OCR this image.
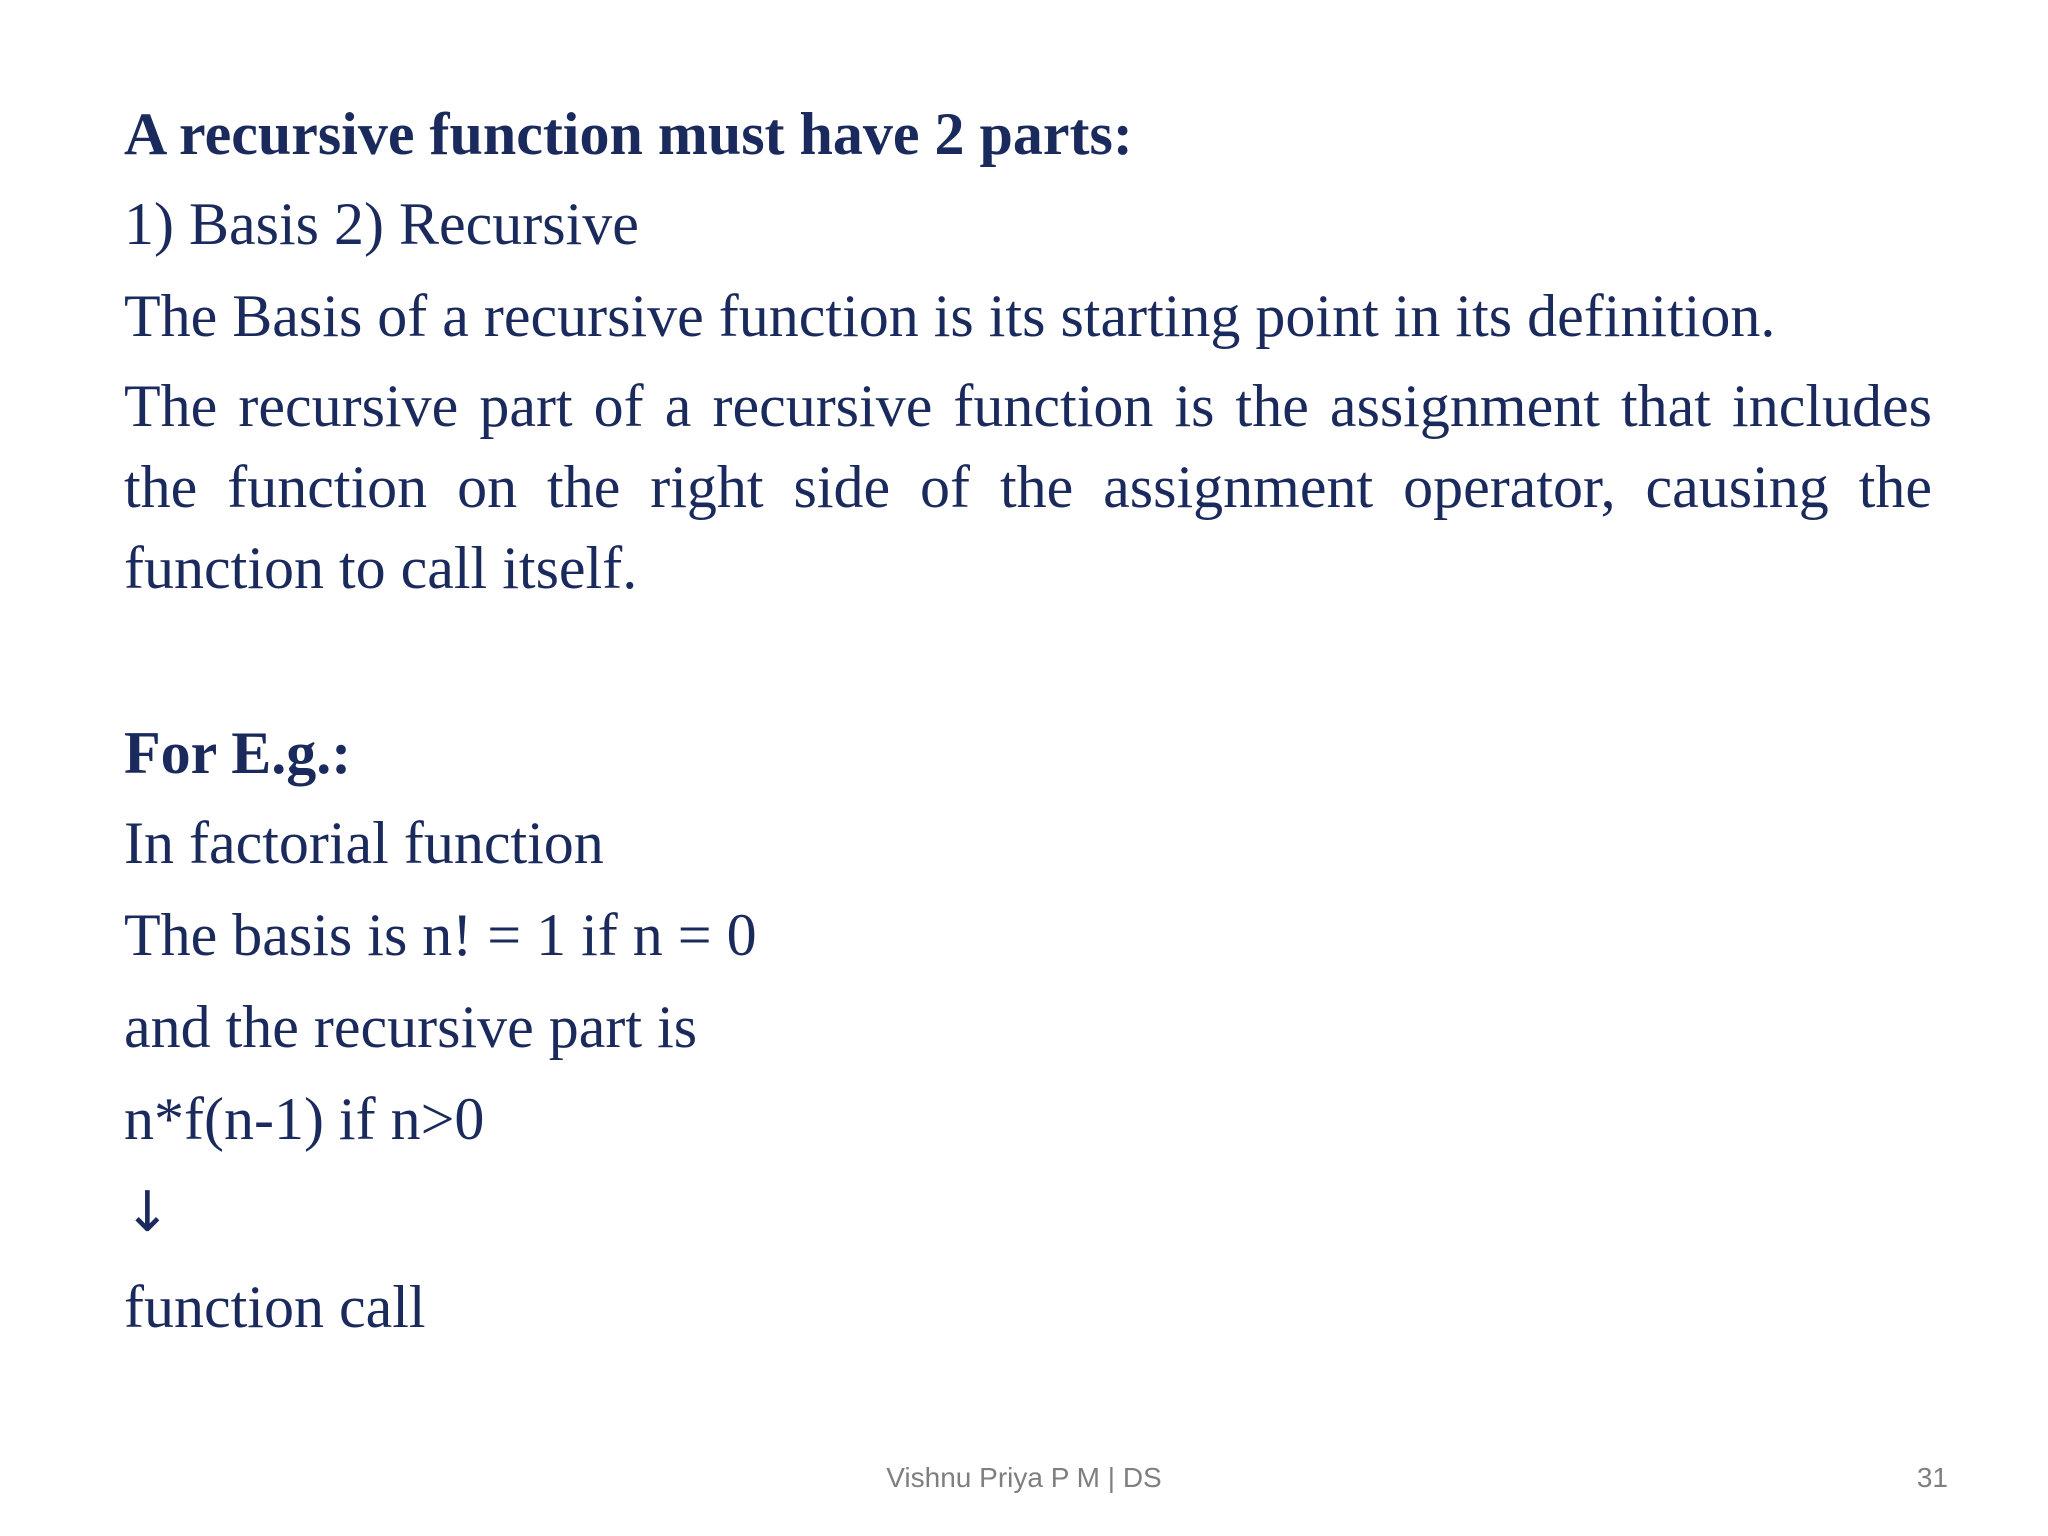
A recursive function must have 2 parts:

1) Basis 2) Recursive

The Basis of a recursive function is its starting point in its definition.

The recursive part of a recursive function is the assignment that includes the function on the right side of the assignment operator, causing the function to call itself.

For E.g.:

In factorial function

The basis is n! = 1 if n = 0

and the recursive part is

n*f(n-1) if n>0

↓

function call

Vishnu Priya P M | DS	31
